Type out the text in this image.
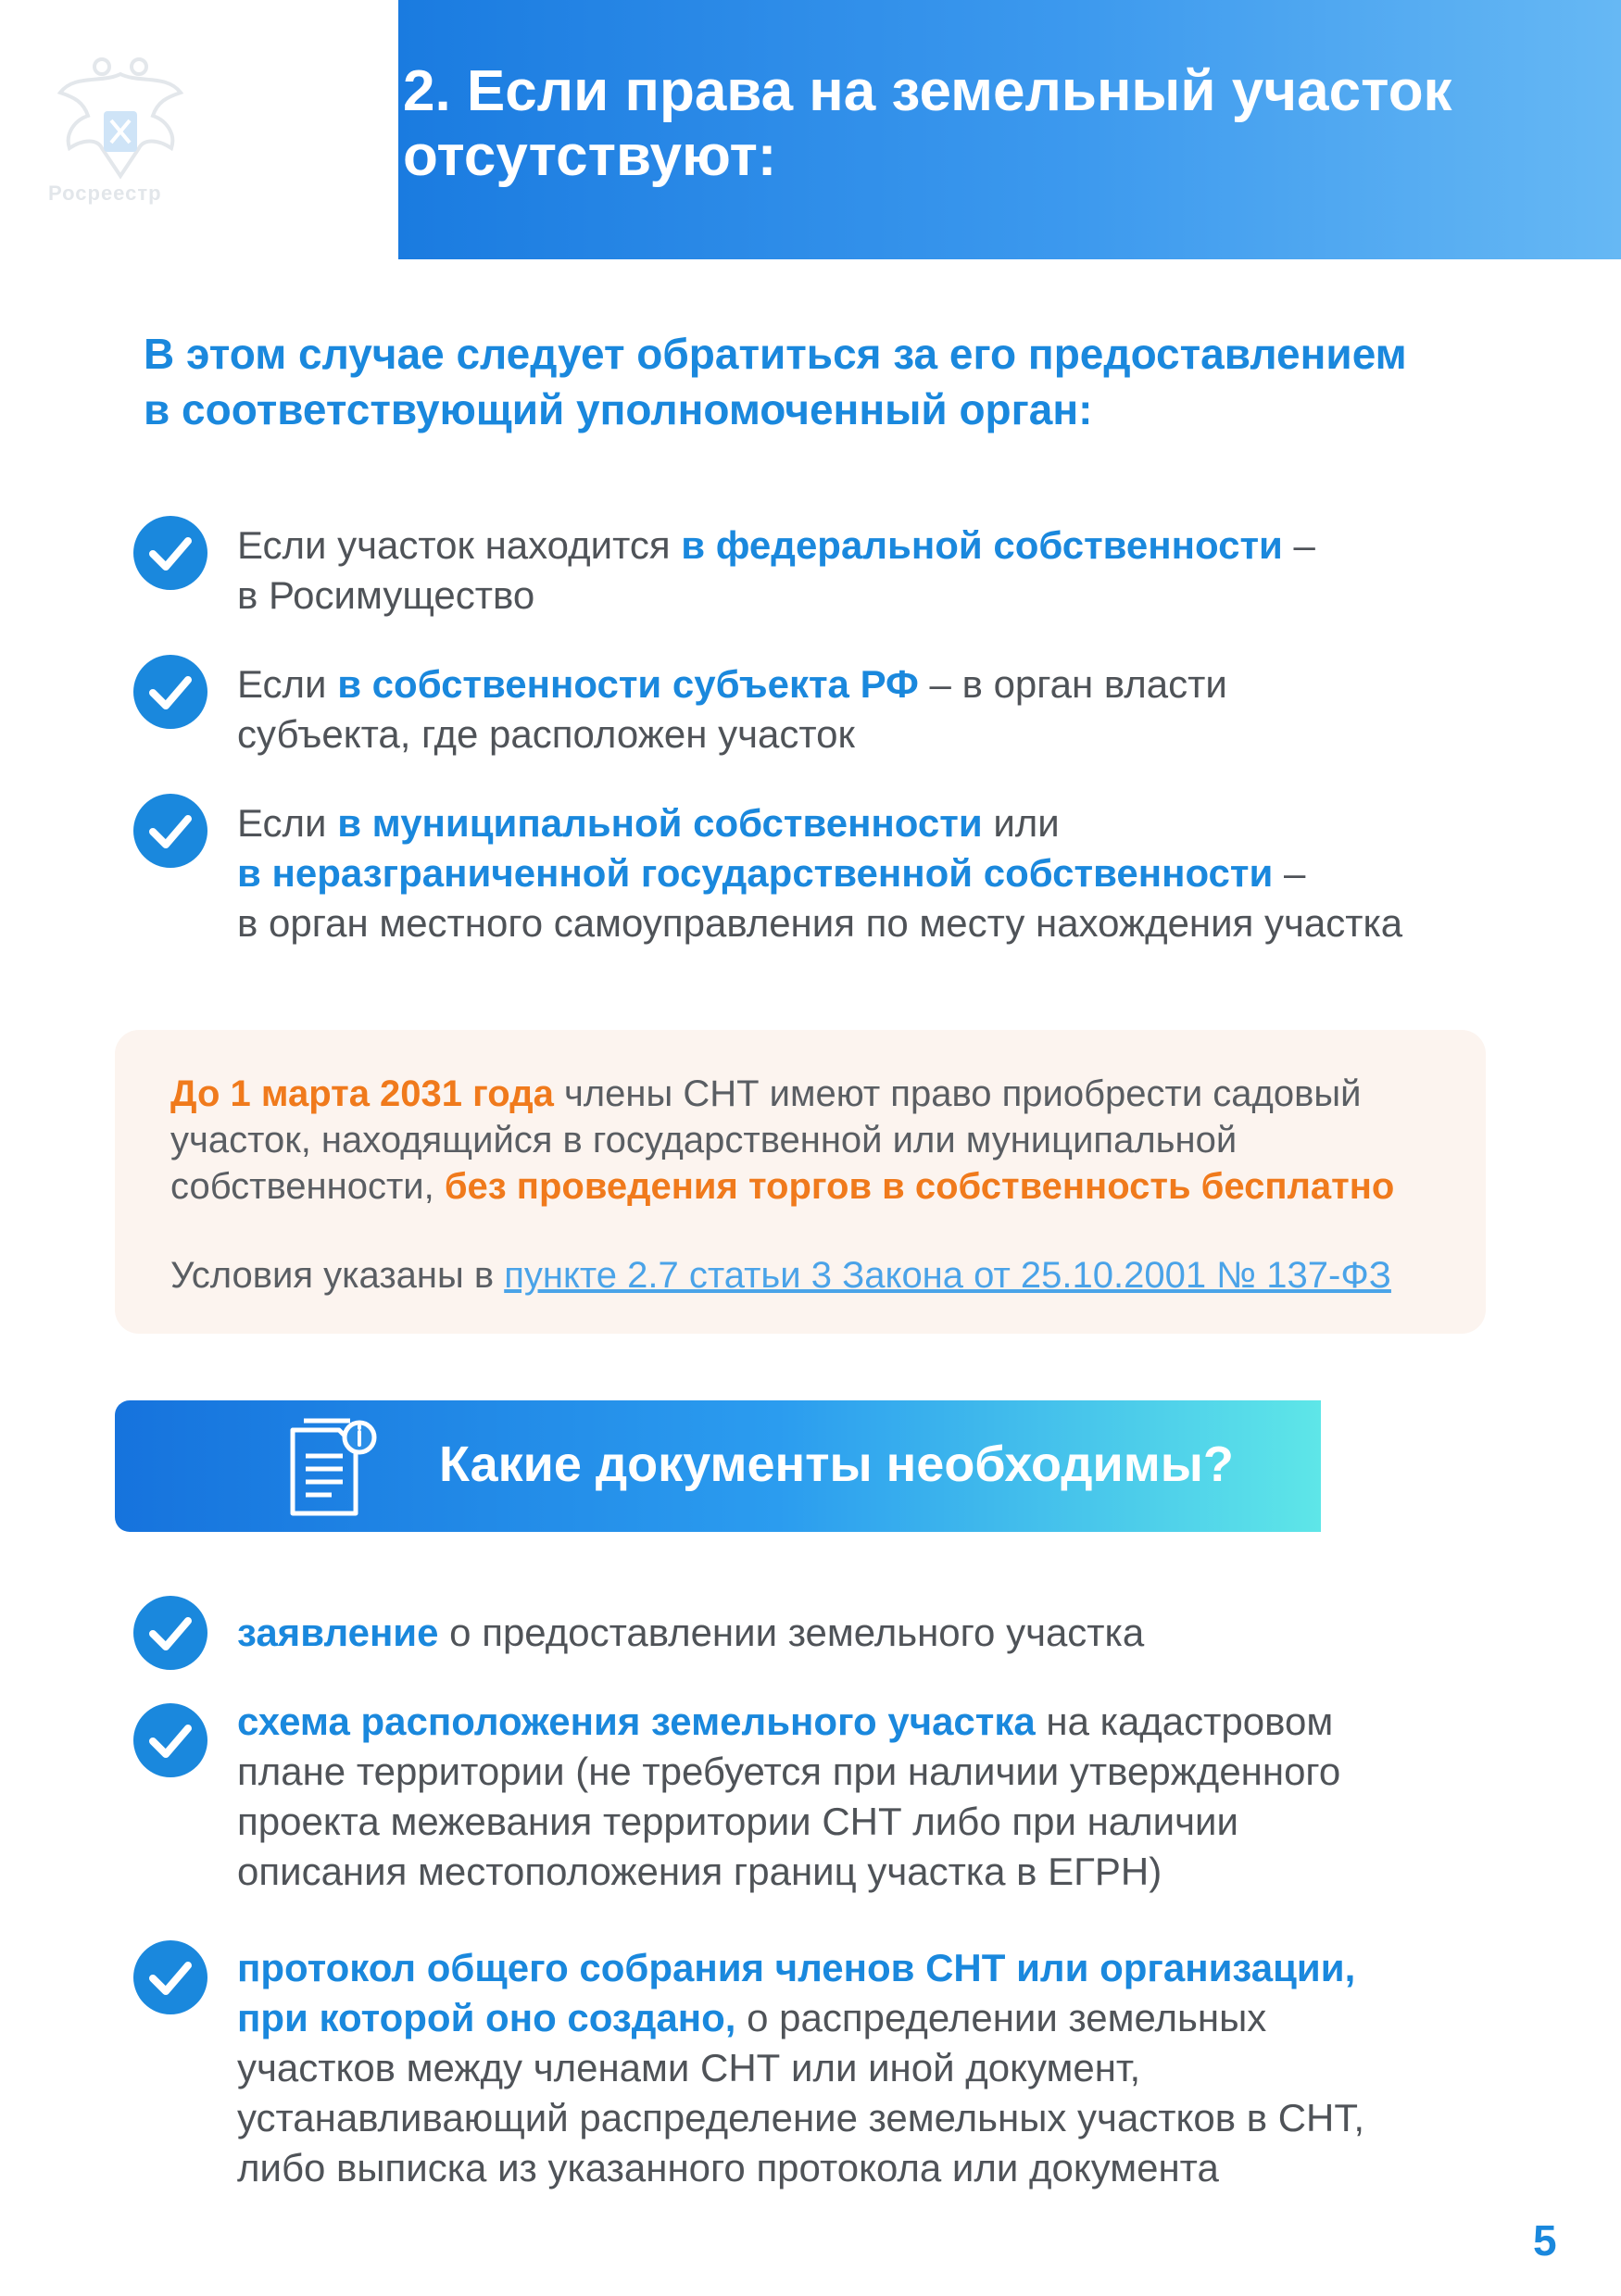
2. Если права на земельный участок
отсутствуют:
Росреестр
В этом случае следует обратиться за его предоставлением
в соответствующий уполномоченный орган:
Если участок находится в федеральной собственности –
в Росимущество
Если в собственности субъекта РФ – в орган власти
субъекта, где расположен участок
Если в муниципальной собственности или
в неразграниченной государственной собственности –
в орган местного самоуправления по месту нахождения участка

До 1 марта 2031 года члены СНТ имеют право приобрести садовый
участок, находящийся в государственной или муниципальной
собственности, без проведения торгов в собственность бесплатно

Условия указаны в пункте 2.7 статьи 3 Закона от 25.10.2001 № 137-ФЗ

Какие документы необходимы?
заявление о предоставлении земельного участка
схема расположения земельного участка на кадастровом
плане территории (не требуется при наличии утвержденного
проекта межевания территории СНТ либо при наличии
описания местоположения границ участка в ЕГРН)
протокол общего собрания членов СНТ или организации,
при которой оно создано, о распределении земельных
участков между членами СНТ или иной документ,
устанавливающий распределение земельных участков в СНТ,
либо выписка из указанного протокола или документа
5
